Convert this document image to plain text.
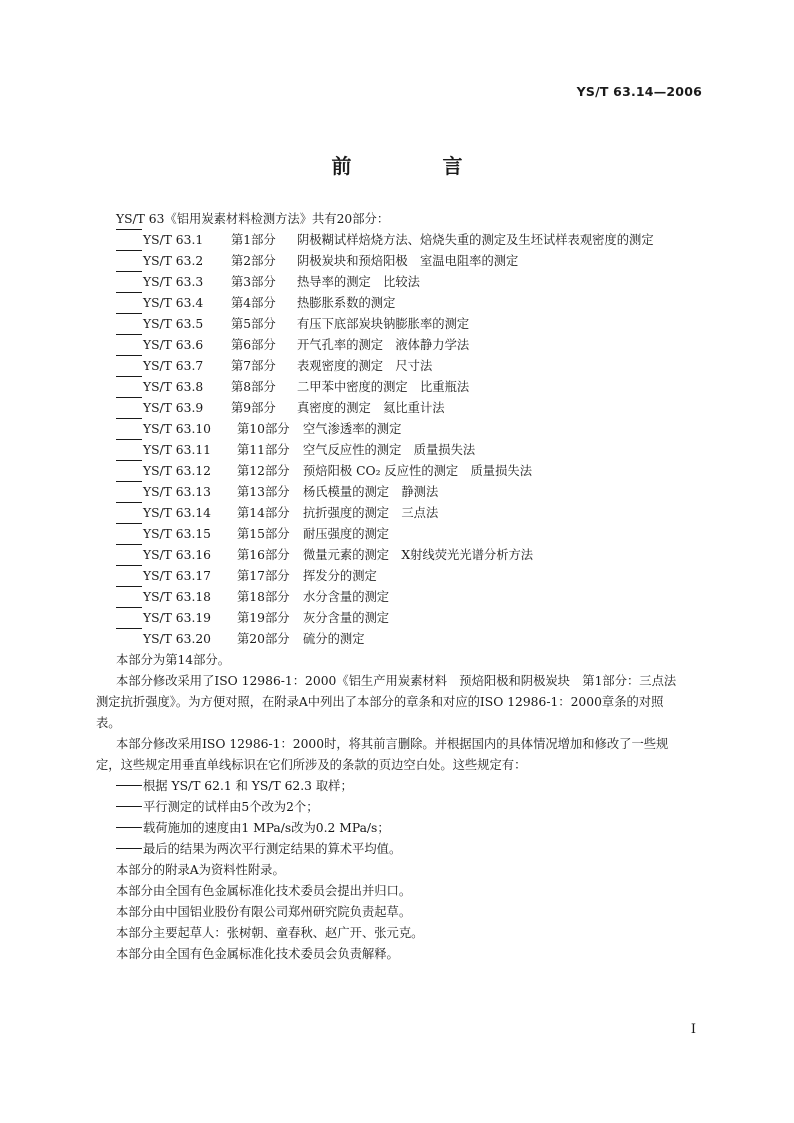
YS/T 63.14—2006
前 言
YS/T 63《铝用炭素材料检测方法》共有20部分：
YS/T 63.1	第1部分	阴极糊试样焙烧方法、焙烧失重的测定及生坯试样表观密度的测定
YS/T 63.2	第2部分	阴极炭块和预焙阳极　室温电阻率的测定
YS/T 63.3	第3部分	热导率的测定　比较法
YS/T 63.4	第4部分	热膨胀系数的测定
YS/T 63.5	第5部分	有压下底部炭块钠膨胀率的测定
YS/T 63.6	第6部分	开气孔率的测定　液体静力学法
YS/T 63.7	第7部分	表观密度的测定　尺寸法
YS/T 63.8	第8部分	二甲苯中密度的测定　比重瓶法
YS/T 63.9	第9部分	真密度的测定　氦比重计法
YS/T 63.10	第10部分	空气渗透率的测定
YS/T 63.11	第11部分	空气反应性的测定　质量损失法
YS/T 63.12	第12部分	预焙阳极 CO₂ 反应性的测定　质量损失法
YS/T 63.13	第13部分	杨氏模量的测定　静测法
YS/T 63.14	第14部分	抗折强度的测定　三点法
YS/T 63.15	第15部分	耐压强度的测定
YS/T 63.16	第16部分	微量元素的测定　X射线荧光光谱分析方法
YS/T 63.17	第17部分	挥发分的测定
YS/T 63.18	第18部分	水分含量的测定
YS/T 63.19	第19部分	灰分含量的测定
YS/T 63.20	第20部分	硫分的测定
本部分为第14部分。
本部分修改采用了ISO 12986-1：2000《铝生产用炭素材料　预焙阳极和阴极炭块　第1部分：三点法测定抗折强度》。为方便对照，在附录A中列出了本部分的章条和对应的ISO 12986-1：2000章条的对照表。
本部分修改采用ISO 12986-1：2000时，将其前言删除。并根据国内的具体情况增加和修改了一些规定，这些规定用垂直单线标识在它们所涉及的条款的页边空白处。这些规定有：
根据 YS/T 62.1 和 YS/T 62.3 取样；
平行测定的试样由5个改为2个；
载荷施加的速度由1 MPa/s改为0.2 MPa/s；
最后的结果为两次平行测定结果的算术平均值。
本部分的附录A为资料性附录。
本部分由全国有色金属标准化技术委员会提出并归口。
本部分由中国铝业股份有限公司郑州研究院负责起草。
本部分主要起草人：张树朝、童春秋、赵广开、张元克。
本部分由全国有色金属标准化技术委员会负责解释。
I
